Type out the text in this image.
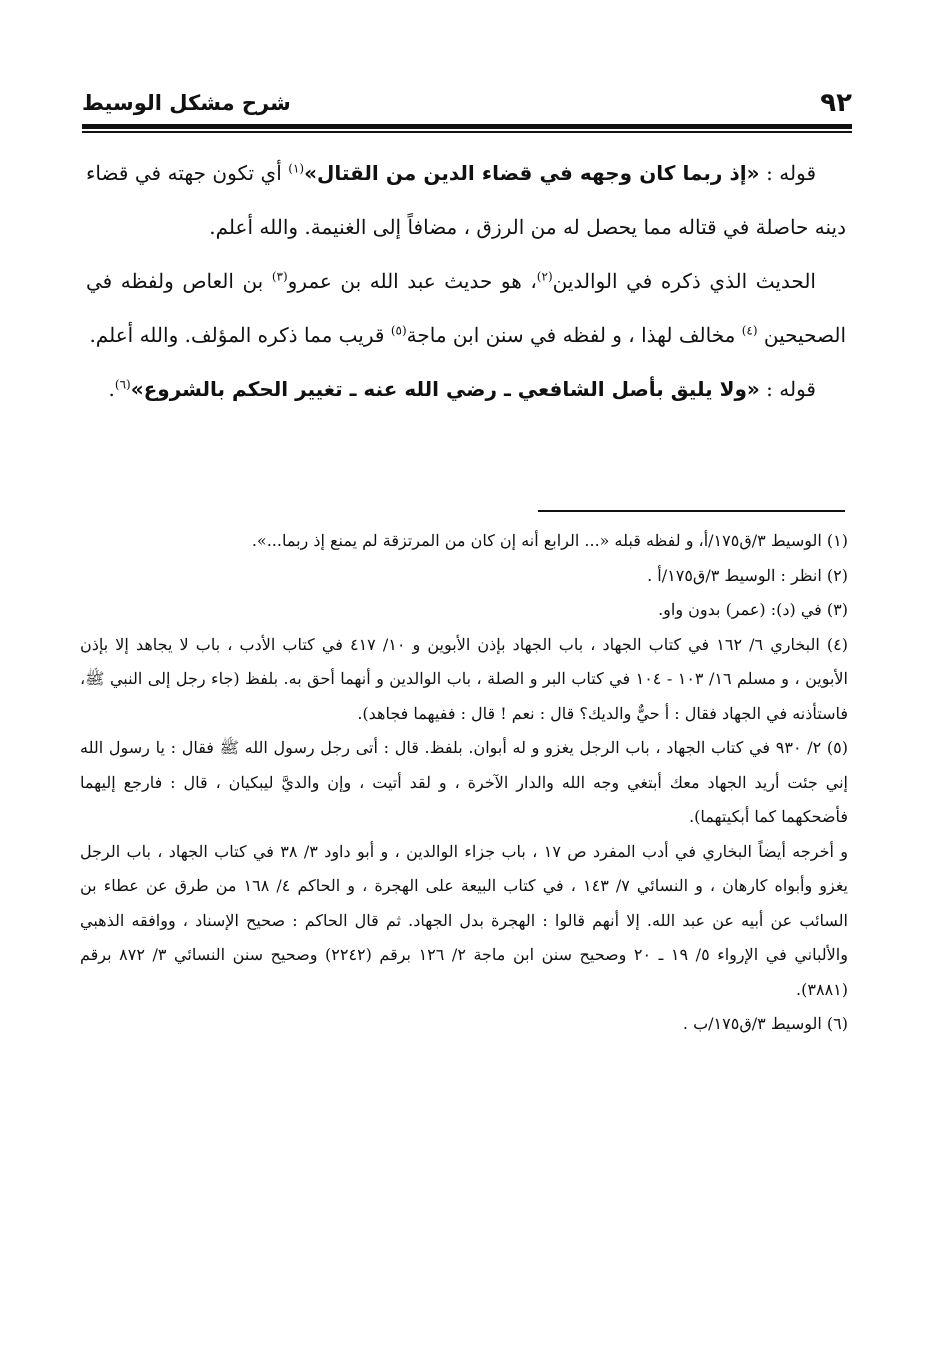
٩٢
شرح مشكل الوسيط

قوله : «إذ ربما كان وجهه في قضاء الدين من القتال»$^{(١)}$ أي تكون جهته في قضاء دينه حاصلة في قتاله مما يحصل له من الرزق ، مضافاً إلى الغنيمة. والله أعلم.

الحديث الذي ذكره في الوالدين$^{(٢)}$، هو حديث عبد الله بن عمرو$^{(٣)}$ بن العاص ولفظه في الصحيحين $^{(٤)}$ مخالف لهذا ، و لفظه في سنن ابن ماجة$^{(٥)}$ قريب مما ذكره المؤلف. والله أعلم.

قوله : «ولا يليق بأصل الشافعي ـ رضي الله عنه ـ تغيير الحكم بالشروع»$^{(٦)}$.

(١) الوسيط ٣/ق١٧٥/أ، و لفظه قبله «... الرابع أنه إن كان من المرتزقة لم يمنع إذ ربما...».

(٢) انظر : الوسيط ٣/ق١٧٥/أ .

(٣) في (د): (عمر) بدون واو.

(٤) البخاري ٦/ ١٦٢ في كتاب الجهاد ، باب الجهاد بإذن الأبوين و ١٠/ ٤١٧ في كتاب الأدب ، باب لا يجاهد إلا بإذن الأبوين ، و مسلم ١٦/ ١٠٣ - ١٠٤ في كتاب البر و الصلة ، باب الوالدين و أنهما أحق به. بلفظ (جاء رجل إلى النبي ﷺ، فاستأذنه في الجهاد فقال : أ حيٌّ والديك؟ قال : نعم ! قال : ففيهما فجاهد).

(٥) ٢/ ٩٣٠ في كتاب الجهاد ، باب الرجل يغزو و له أبوان. بلفظ. قال : أتى رجل رسول الله ﷺ فقال : يا رسول الله إني جئت أريد الجهاد معك أبتغي وجه الله والدار الآخرة ، و لقد أتيت ، وإن والديَّ ليبكيان ، قال : فارجع إليهما فأضحكهما كما أبكيتهما).

و أخرجه أيضاً البخاري في أدب المفرد ص ١٧ ، باب جزاء الوالدين ، و أبو داود ٣/ ٣٨ في كتاب الجهاد ، باب الرجل يغزو وأبواه كارهان ، و النسائي ٧/ ١٤٣ ، في كتاب البيعة على الهجرة ، و الحاكم ٤/ ١٦٨ من طرق عن عطاء بن السائب عن أبيه عن عبد الله. إلا أنهم قالوا : الهجرة بدل الجهاد. ثم قال الحاكم : صحيح الإسناد ، ووافقه الذهبي والألباني في الإرواء ٥/ ١٩ ـ ٢٠ وصحيح سنن ابن ماجة ٢/ ١٢٦ برقم (٢٢٤٢) وصحيح سنن النسائي ٣/ ٨٧٢ برقم (٣٨٨١).

(٦) الوسيط ٣/ق١٧٥/ب .
